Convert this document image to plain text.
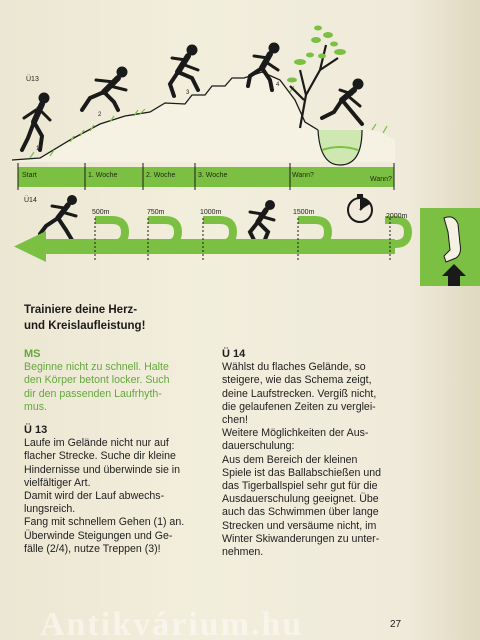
Ü13
1
2
3
4
Start	1. Woche	2. Woche	3. Woche	Wann?
Wann?
Ü14
500m	750m	1000m	1500m
2000m
Trainiere deine Herz-
und Kreislaufleistung!

MS

Beginne nicht zu schnell. Halte

den Körper betont locker. Such

dir den passenden Laufrhyth-

mus.

Ü 13

Laufe im Gelände nicht nur auf

flacher Strecke. Suche dir kleine

Hindernisse und überwinde sie in

vielfältiger Art.

Damit wird der Lauf abwechs-

lungsreich.

Fang mit schnellem Gehen (1) an.

Überwinde Steigungen und Ge-

fälle (2/4), nutze Treppen (3)!

Ü 14

Wählst du flaches Gelände, so

steigere, wie das Schema zeigt,

deine Laufstrecken. Vergiß nicht,

die gelaufenen Zeiten zu verglei-

chen!

Weitere Möglichkeiten der Aus-

dauerschulung:

Aus dem Bereich der kleinen

Spiele ist das Ballabschießen und

das Tigerballspiel sehr gut für die

Ausdauerschulung geeignet. Übe

auch das Schwimmen über lange

Strecken und versäume nicht, im

Winter Skiwanderungen zu unter-

nehmen.

27
Antikvárium.hu
